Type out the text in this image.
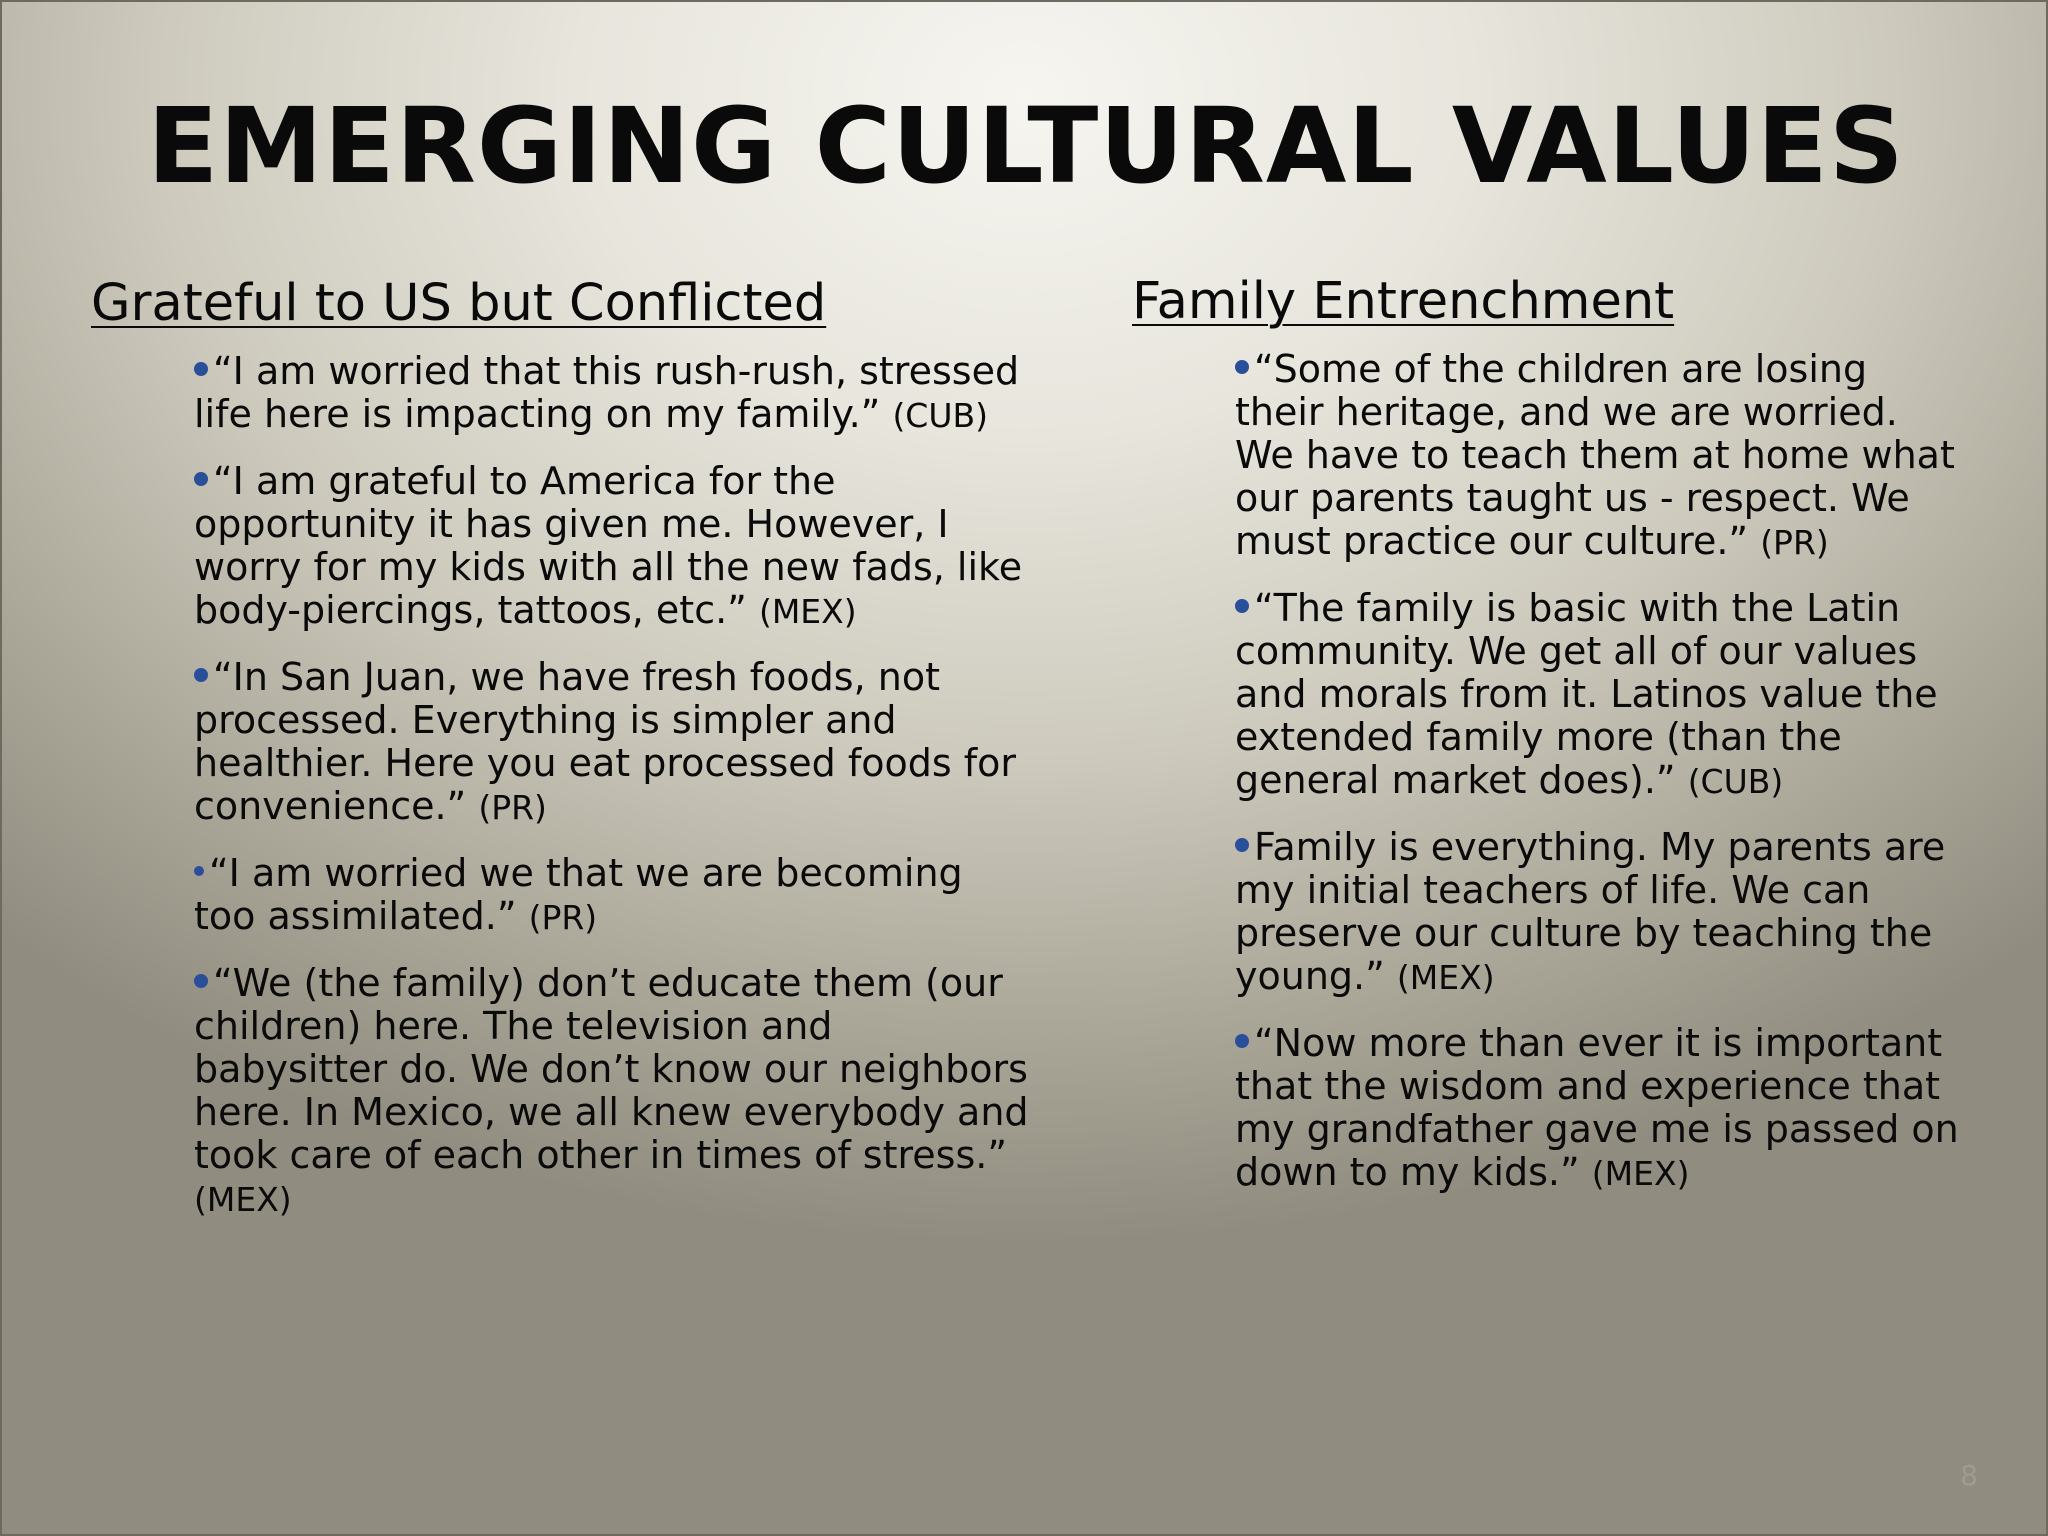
EMERGING CULTURAL VALUES
Grateful to US but Conflicted
“I am worried that this rush-rush, stressed life here is impacting on my family.” (CUB)
“I am grateful to America for the opportunity it has given me. However, I worry for my kids with all the new fads, like body-piercings, tattoos, etc.” (MEX)
“In San Juan, we have fresh foods, not processed. Everything is simpler and healthier. Here you eat processed foods for convenience.” (PR)
“I am worried we that we are becoming too assimilated.” (PR)
“We (the family) don’t educate them (our children) here. The television and babysitter do. We don’t know our neighbors here. In Mexico, we all knew everybody and took care of each other in times of stress.” (MEX)
Family Entrenchment
“Some of the children are losing their heritage, and we are worried. We have to teach them at home what our parents taught us - respect. We must practice our culture.” (PR)
“The family is basic with the Latin community. We get all of our values and morals from it. Latinos value the extended family more (than the general market does).” (CUB)
Family is everything. My parents are my initial teachers of life. We can preserve our culture by teaching the young.” (MEX)
“Now more than ever it is important that the wisdom and experience that my grandfather gave me is passed on down to my kids.” (MEX)
8
